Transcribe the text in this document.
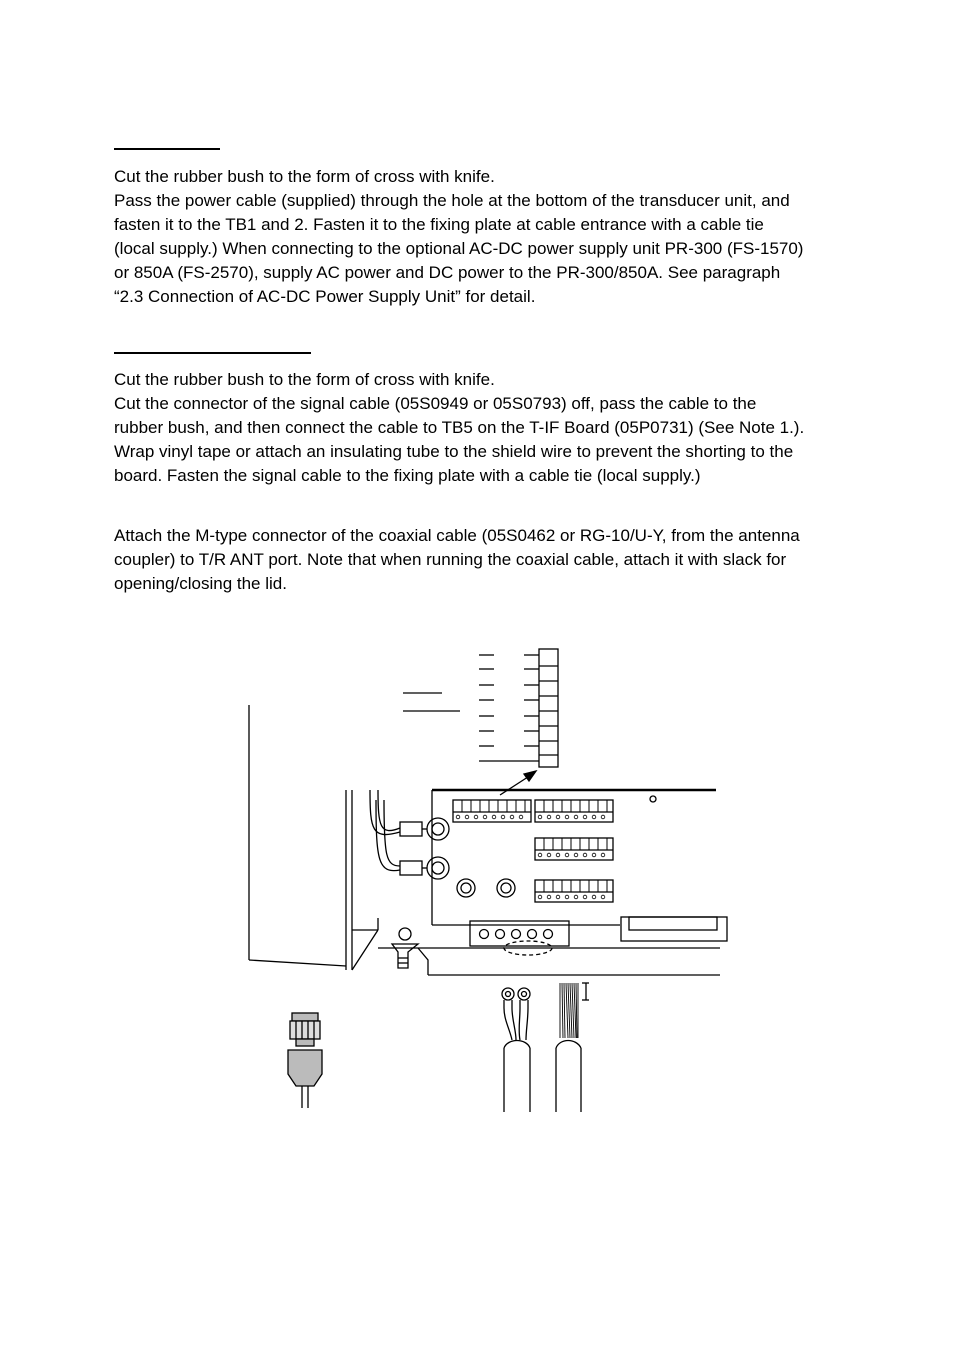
Cut the rubber bush to the form of cross with knife.
Pass the power cable (supplied) through the hole at the bottom of the transducer unit, and
fasten it to the TB1 and 2. Fasten it to the fixing plate at cable entrance with a cable tie
(local supply.) When connecting to the optional AC-DC power supply unit PR-300 (FS-1570)
or 850A (FS-2570), supply AC power and DC power to the PR-300/850A. See paragraph
“2.3 Connection of AC-DC Power Supply Unit” for detail.
Cut the rubber bush to the form of cross with knife.
Cut the connector of the signal cable (05S0949 or 05S0793) off, pass the cable to the
rubber bush, and then connect the cable to TB5 on the T-IF Board (05P0731) (See Note 1.).
Wrap vinyl tape or attach an insulating tube to the shield wire to prevent the shorting to the
board. Fasten the signal cable to the fixing plate with a cable tie (local supply.)
Attach the M-type connector of the coaxial cable (05S0462 or RG-10/U-Y, from the antenna
coupler) to T/R ANT port. Note that when running the coaxial cable, attach it with slack for
opening/closing the lid.
